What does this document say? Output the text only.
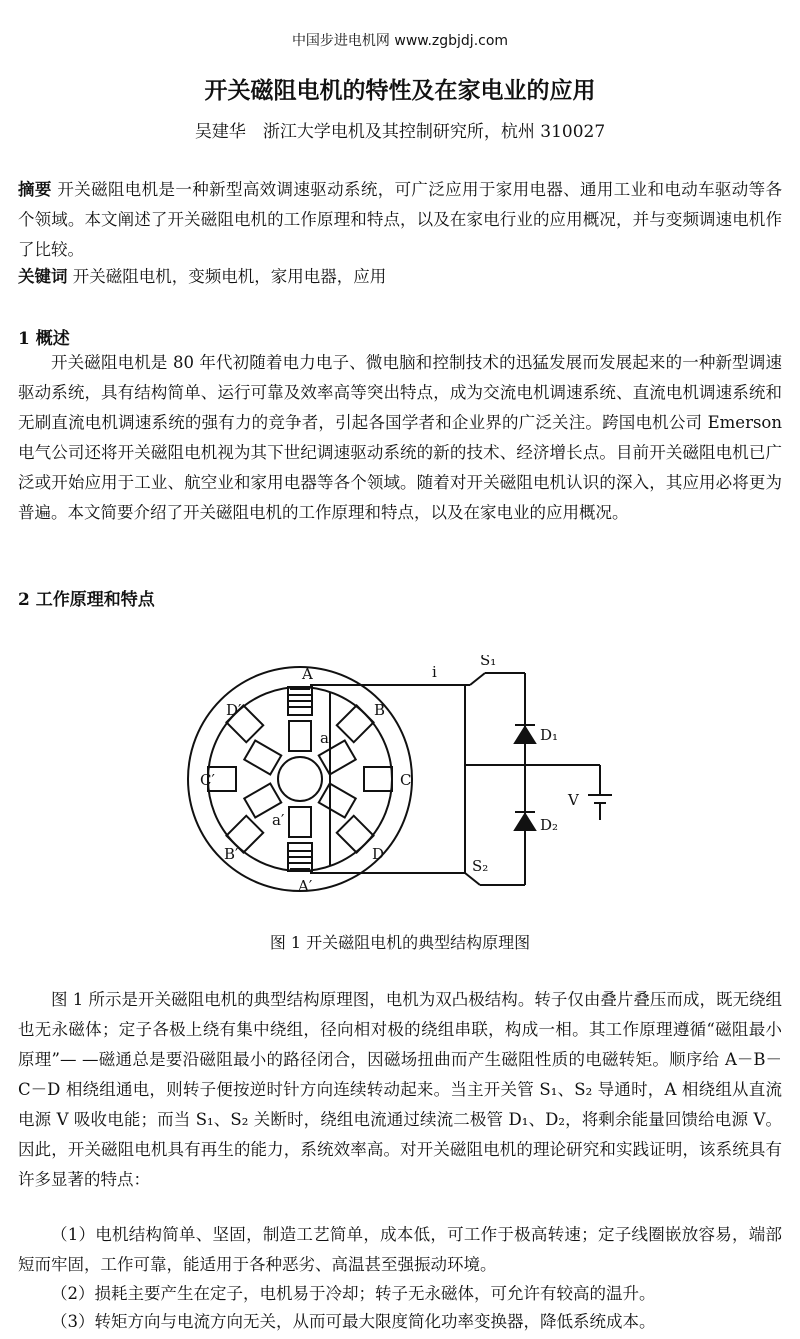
中国步进电机网 www.zgbjdj.com
开关磁阻电机的特性及在家电业的应用
吴建华　浙江大学电机及其控制研究所，杭州 310027
摘要 开关磁阻电机是一种新型高效调速驱动系统，可广泛应用于家用电器、通用工业和电动车驱动等各个领域。本文阐述了开关磁阻电机的工作原理和特点，以及在家电行业的应用概况，并与变频调速电机作了比较。
关键词 开关磁阻电机，变频电机，家用电器，应用
1 概述
开关磁阻电机是 80 年代初随着电力电子、微电脑和控制技术的迅猛发展而发展起来的一种新型调速驱动系统，具有结构简单、运行可靠及效率高等突出特点，成为交流电机调速系统、直流电机调速系统和无刷直流电机调速系统的强有力的竞争者，引起各国学者和企业界的广泛关注。跨国电机公司 Emerson 电气公司还将开关磁阻电机视为其下世纪调速驱动系统的新的技术、经济增长点。目前开关磁阻电机已广泛或开始应用于工业、航空业和家用电器等各个领域。随着对开关磁阻电机认识的深入，其应用必将更为普遍。本文简要介绍了开关磁阻电机的工作原理和特点，以及在家电业的应用概况。
2 工作原理和特点
A
B
C
D
A′
B′
C′
D′
a
a′
i
S₁
S₂
D₁
D₂
V
图 1 开关磁阻电机的典型结构原理图
图 1 所示是开关磁阻电机的典型结构原理图，电机为双凸极结构。转子仅由叠片叠压而成，既无绕组也无永磁体；定子各极上绕有集中绕组，径向相对极的绕组串联，构成一相。其工作原理遵循“磁阻最小原理”— —磁通总是要沿磁阻最小的路径闭合，因磁场扭曲而产生磁阻性质的电磁转矩。顺序给 A－B－C－D 相绕组通电，则转子便按逆时针方向连续转动起来。当主开关管 S₁、S₂ 导通时，A 相绕组从直流电源 V 吸收电能；而当 S₁、S₂ 关断时，绕组电流通过续流二极管 D₁、D₂，将剩余能量回馈给电源 V。因此，开关磁阻电机具有再生的能力，系统效率高。对开关磁阻电机的理论研究和实践证明，该系统具有许多显著的特点：
（1）电机结构简单、坚固，制造工艺简单，成本低，可工作于极高转速；定子线圈嵌放容易，端部短而牢固，工作可靠，能适用于各种恶劣、高温甚至强振动环境。
（2）损耗主要产生在定子，电机易于冷却；转子无永磁体，可允许有较高的温升。
（3）转矩方向与电流方向无关，从而可最大限度简化功率变换器，降低系统成本。
